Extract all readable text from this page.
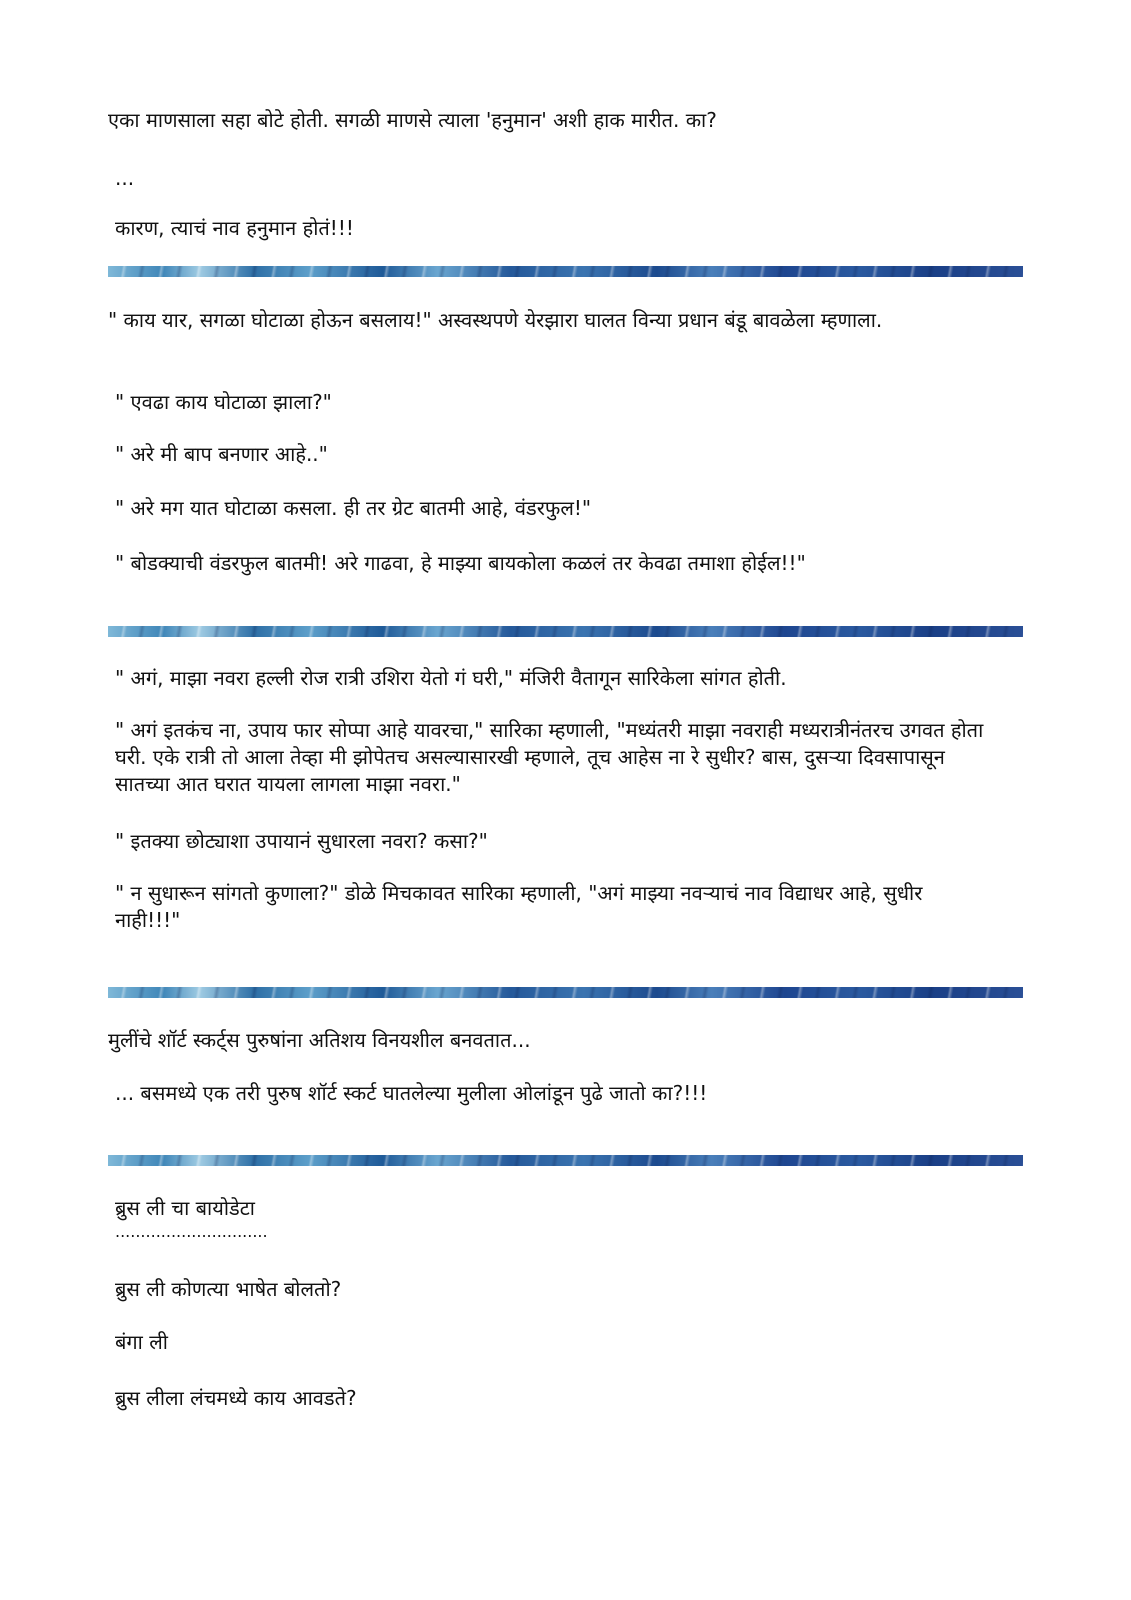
एका माणसाला सहा बोटे होती. सगळी माणसे त्याला 'हनुमान' अशी हाक मारीत. का?

...

कारण, त्याचं नाव हनुमान होतं!!!

" काय यार, सगळा घोटाळा होऊन बसलाय!" अस्वस्थपणे येरझारा घालत विन्या प्रधान बंडू बावळेला म्हणाला.

" एवढा काय घोटाळा झाला?"

" अरे मी बाप बनणार आहे.."

" अरे मग यात घोटाळा कसला. ही तर ग्रेट बातमी आहे, वंडरफुल!"

" बोडक्याची वंडरफुल बातमी! अरे गाढवा, हे माझ्या बायकोला कळलं तर केवढा तमाशा होईल!!"

" अगं, माझा नवरा हल्ली रोज रात्री उशिरा येतो गं घरी," मंजिरी वैतागून सारिकेला सांगत होती.

" अगं इतकंच ना, उपाय फार सोप्पा आहे यावरचा," सारिका म्हणाली, "मध्यंतरी माझा नवराही मध्यरात्रीनंतरच उगवत होता घरी. एके रात्री तो आला तेव्हा मी झोपेतच असल्यासारखी म्हणाले, तूच आहेस ना रे सुधीर? बास, दुसऱ्या दिवसापासून सातच्या आत घरात यायला लागला माझा नवरा."

" इतक्या छोट्याशा उपायानं सुधारला नवरा? कसा?"

" न सुधारून सांगतो कुणाला?" डोळे मिचकावत सारिका म्हणाली, "अगं माझ्या नवऱ्याचं नाव विद्याधर आहे, सुधीर नाही!!!"

मुलींचे शॉर्ट स्कर्ट्स पुरुषांना अतिशय विनयशील बनवतात...

... बसमध्ये एक तरी पुरुष शॉर्ट स्कर्ट घातलेल्या मुलीला ओलांडून पुढे जातो का?!!!

ब्रुस ली चा बायोडेटा

..............................

ब्रुस ली कोणत्या भाषेत बोलतो?

बंगा ली

ब्रुस लीला लंचमध्ये काय आवडते?
